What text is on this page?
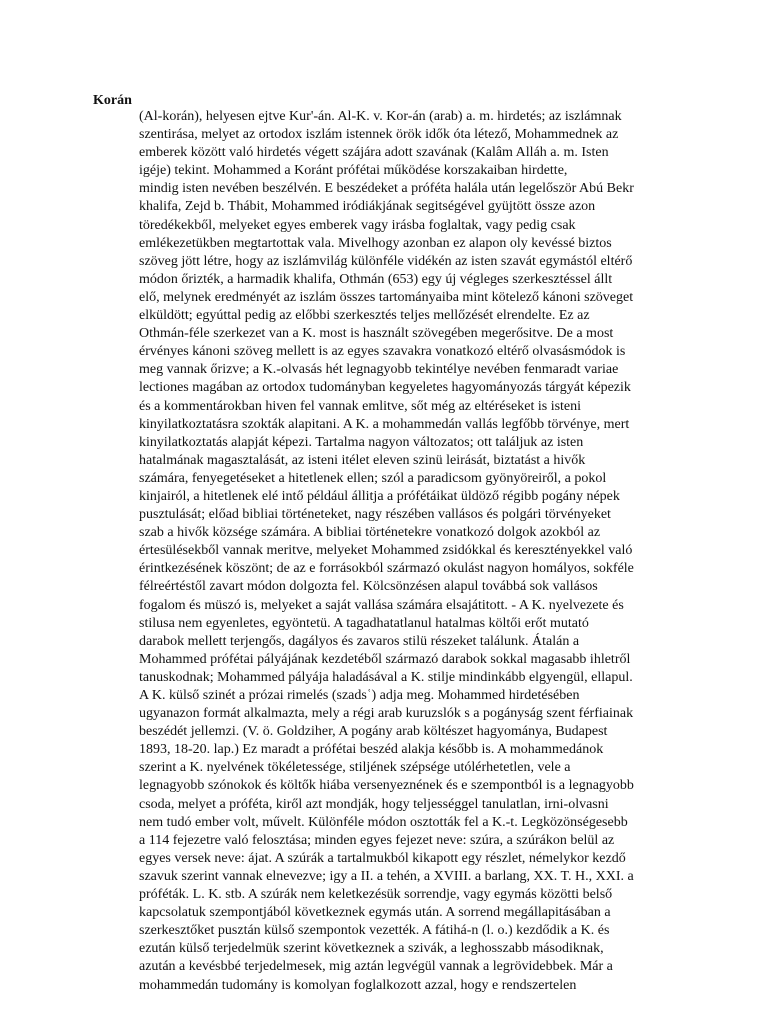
Korán
(Al-korán), helyesen ejtve Kur'-án. Al-K. v. Kor-án (arab) a. m. hirdetés; az iszlámnak
szentirása, melyet az ortodox iszlám istennek örök idők óta létező, Mohammednek az
emberek között való hirdetés végett szájára adott szavának (Kalâm Alláh a. m. Isten
igéje) tekint. Mohammed a Koránt prófétai működése korszakaiban hirdette,
mindig isten nevében beszélvén. E beszédeket a próféta halála után legelőször Abú Bekr
khalifa, Zejd b. Thábit, Mohammed iródiákjának segitségével gyüjtött össze azon
töredékekből, melyeket egyes emberek vagy irásba foglaltak, vagy pedig csak
emlékezetükben megtartottak vala. Mivelhogy azonban ez alapon oly kevéssé biztos
szöveg jött létre, hogy az iszlámvilág különféle vidékén az isten szavát egymástól eltérő
módon őrizték, a harmadik khalifa, Othmán (653) egy új végleges szerkesztéssel állt
elő, melynek eredményét az iszlám összes tartományaiba mint kötelező kánoni szöveget
elküldött; egyúttal pedig az előbbi szerkesztés teljes mellőzését elrendelte. Ez az
Othmán-féle szerkezet van a K. most is használt szövegében megerősitve. De a most
érvényes kánoni szöveg mellett is az egyes szavakra vonatkozó eltérő olvasásmódok is
meg vannak őrizve; a K.-olvasás hét legnagyobb tekintélye nevében fenmaradt variae
lectiones magában az ortodox tudományban kegyeletes hagyományozás tárgyát képezik
és a kommentárokban hiven fel vannak emlitve, sőt még az eltéréseket is isteni
kinyilatkoztatásra szokták alapitani. A K. a mohammedán vallás legfőbb törvénye, mert
kinyilatkoztatás alapját képezi. Tartalma nagyon változatos; ott találjuk az isten
hatalmának magasztalását, az isteni itélet eleven szinü leirását, biztatást a hivők
számára, fenyegetéseket a hitetlenek ellen; szól a paradicsom gyönyöreiről, a pokol
kinjairól, a hitetlenek elé intő például állitja a prófétáikat üldöző régibb pogány népek
pusztulását; előad bibliai történeteket, nagy részében vallásos és polgári törvényeket
szab a hivők községe számára. A bibliai történetekre vonatkozó dolgok azokból az
értesülésekből vannak meritve, melyeket Mohammed zsidókkal és keresztényekkel való
érintkezésének köszönt; de az e forrásokból származó okulást nagyon homályos, sokféle
félreértéstől zavart módon dolgozta fel. Kölcsönzésen alapul továbbá sok vallásos
fogalom és müszó is, melyeket a saját vallása számára elsajátitott. - A K. nyelvezete és
stilusa nem egyenletes, egyöntetü. A tagadhatatlanul hatalmas költői erőt mutató
darabok mellett terjengős, dagályos és zavaros stilü részeket találunk. Átalán a
Mohammed prófétai pályájának kezdetéből származó darabok sokkal magasabb ihletről
tanuskodnak; Mohammed pályája haladásával a K. stilje mindinkább elgyengül, ellapul.
A K. külső szinét a prózai rimelés (szadsʿ) adja meg. Mohammed hirdetésében
ugyanazon formát alkalmazta, mely a régi arab kuruzslók s a pogányság szent férfiainak
beszédét jellemzi. (V. ö. Goldziher, A pogány arab költészet hagyománya, Budapest
1893, 18-20. lap.) Ez maradt a prófétai beszéd alakja később is. A mohammedánok
szerint a K. nyelvének tökéletessége, stiljének szépsége utólérhetetlen, vele a
legnagyobb szónokok és költők hiába versenyeznének és e szempontból is a legnagyobb
csoda, melyet a próféta, kiről azt mondják, hogy teljességgel tanulatlan, irni-olvasni
nem tudó ember volt, művelt. Különféle módon osztották fel a K.-t. Legközönségesebb
a 114 fejezetre való felosztása; minden egyes fejezet neve: szúra, a szúrákon belül az
egyes versek neve: ájat. A szúrák a tartalmukból kikapott egy részlet, némelykor kezdő
szavuk szerint vannak elnevezve; igy a II. a tehén, a XVIII. a barlang, XX. T. H., XXI. a
próféták. L. K. stb. A szúrák nem keletkezésük sorrendje, vagy egymás közötti belső
kapcsolatuk szempontjából következnek egymás után. A sorrend megállapitásában a
szerkesztőket pusztán külső szempontok vezették. A fátihá-n (l. o.) kezdődik a K. és
ezután külső terjedelmük szerint következnek a szivák, a leghosszabb másodiknak,
azután a kevésbbé terjedelmesek, mig aztán legvégül vannak a legrövidebbek. Már a
mohammedán tudomány is komolyan foglalkozott azzal, hogy e rendszertelen
